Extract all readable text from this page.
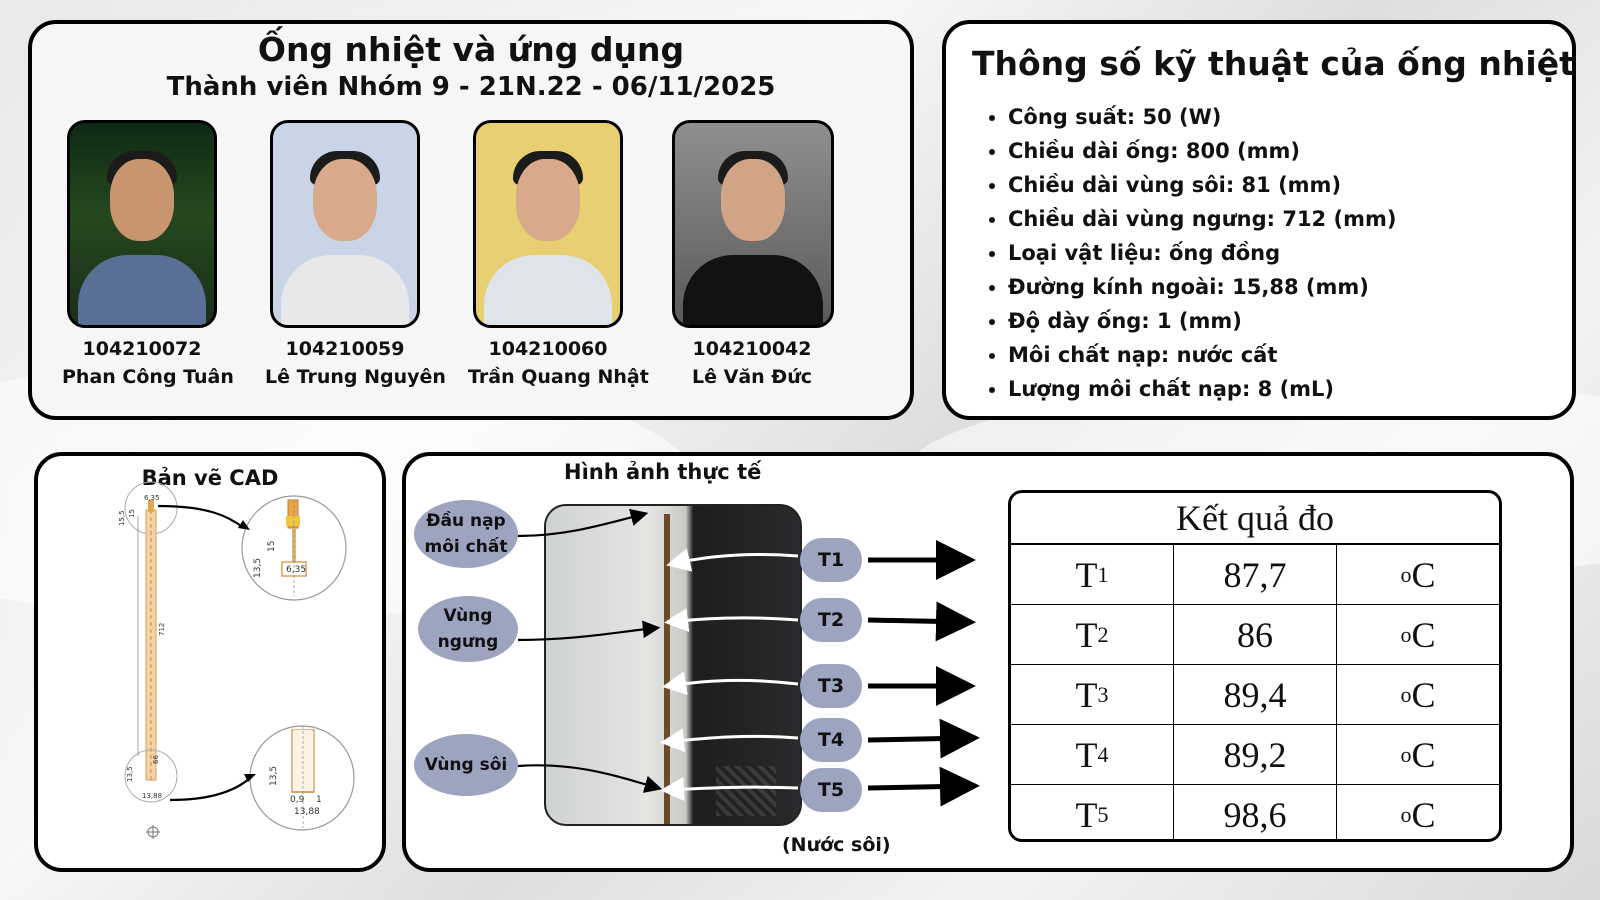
Ống nhiệt và ứng dụng
Thành viên Nhóm 9 - 21N.22 - 06/11/2025
104210072
Phan Công Tuân
104210059
Lê Trung Nguyên
104210060
Trần Quang Nhật
104210042
Lê Văn Đức
Thông số kỹ thuật của ống nhiệt
• Công suất: 50 (W)
• Chiều dài ống: 800 (mm)
• Chiều dài vùng sôi: 81 (mm)
• Chiều dài vùng ngưng: 712 (mm)
• Loại vật liệu: ống đồng
• Đường kính ngoài: 15,88 (mm)
• Độ dày ống: 1 (mm)
• Môi chất nạp: nước cất
• Lượng môi chất nạp: 8 (mL)
Bản vẽ CAD
6,35
15,5 15
712
66
13,5
13,88
15
13,5	6,35
13,5
0,9 1
13,88
Hình ảnh thực tế
Đầu nạp môi chất
Vùng ngưng
Vùng sôi
T1
T2
T3
T4
T5
(Nước sôi)
Kết quả đo
T 1	87,7	o C
T 2	86	o C
T 3	89,4	o C
T 4	89,2	o C
T 5	98,6	o C
